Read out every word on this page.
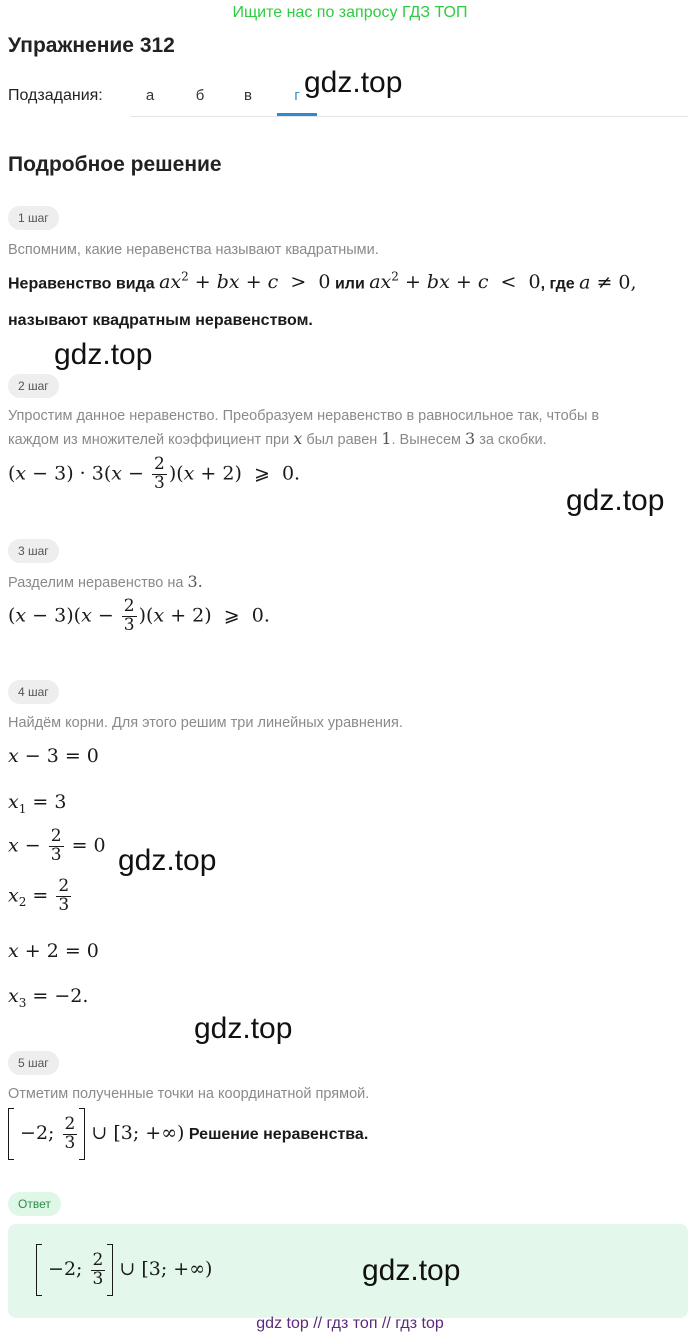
Ищите нас по запросу ГДЗ ТОП
Упражнение 312
Подзадания:	а	б	в	г gdz.top
Подробное решение
1 шаг
Вспомним, какие неравенства называют квадратными.
Неравенство вида $ax^2$ + bx + c  >  0 или $ax^2$ + bx + c  <  0, где a ≠ 0,
называют квадратным неравенством.
gdz.top
2 шаг
Упростим данное неравенство. Преобразуем неравенство в равносильное так, чтобы в
каждом из множителей коэффициент при x был равен 1. Вынесем 3 за скобки.
$(x - 3) \cdot 3(x - \frac{2}{3} )(x + 2)$  ⩾  0.
gdz.top
3 шаг
Разделим неравенство на 3.
$(x - 3)(x - \frac{2}{3} )(x + 2)$  ⩾  0.
4 шаг
Найдём корни. Для этого решим три линейных уравнения.
x − 3 = 0
$x_1 = 3$
$x - \frac{2}{3} = 0$ gdz.top
$x_2 = \frac{2}{3}$
x + 2 = 0
$x_3 = -2$.
gdz.top
5 шаг
Отметим полученные точки на координатной прямой.
−2; $\frac{2}{3}$ ∪ [3; +∞) Решение неравенства.
Ответ
−2; $\frac{2}{3}$ ∪ [3; +∞)	gdz.top
gdz top // гдз топ // гдз top
